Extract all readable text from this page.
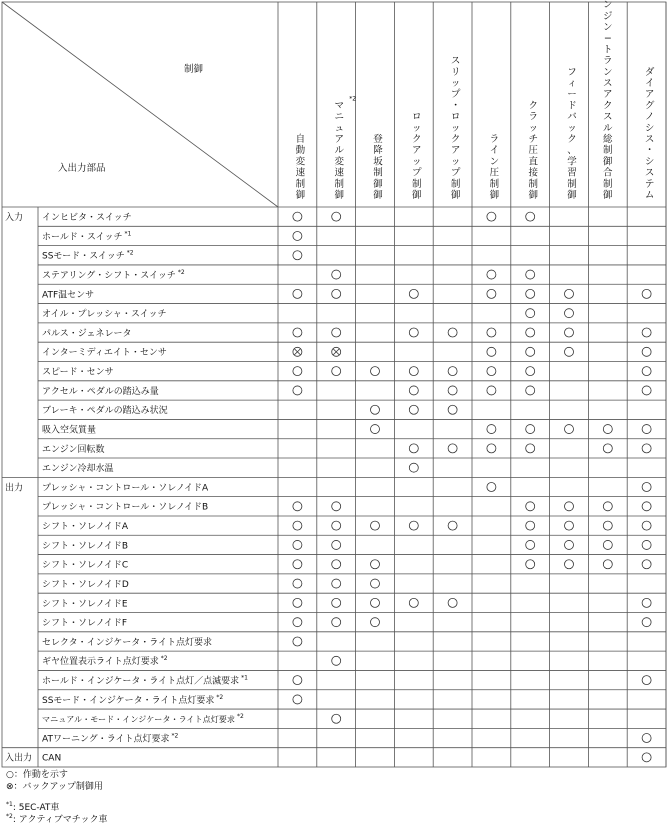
制御
入出力部品
インヒビタ・スイッチ
ホールド・スイッチ $^{*1}$
SSモード・スイッチ $^{*2}$
ステアリング・シフト・スイッチ $^{*2}$
ATF温センサ
オイル・プレッシャ・スイッチ
パルス・ジェネレータ
インターミディエイト・センサ
スピード・センサ
アクセル・ペダルの踏込み量
ブレーキ・ペダルの踏込み状況
吸入空気質量
エンジン回転数
エンジン冷却水温
プレッシャ・コントロール・ソレノイドA
プレッシャ・コントロール・ソレノイドB
シフト・ソレノイドA
シフト・ソレノイドB
シフト・ソレノイドC
シフト・ソレノイドD
シフト・ソレノイドE
シフト・ソレノイドF
セレクタ・インジケータ・ライト点灯要求
ギヤ位置表示ライト点灯要求 $^{*2}$
ホールド・インジケータ・ライト点灯／点滅要求 $^{*1}$
SSモード・インジケータ・ライト点灯要求 $^{*2}$
マニュアル・モード・インジケータ・ライト点灯要求 $^{*2}$
ATワーニング・ライト点灯要求 $^{*2}$
CAN
入力
出力
入出力
自
動
変
速
制
御
マ
ニ
ュ
ア
ル
変
速
制
御
*2
登
降
坂
制
御
御
ロ
ッ
ク
ア
ッ
プ
制
御
ス
リ
ッ
プ
・
ロ
ッ
ク
ア
ッ
プ
制
御
ラ
イ
ン
圧
制
御
ク
ラ
ッ
チ
圧
直
接
制
御
フ
ィ
ー
ド
バ
ッ
ク
、
学
習
制
御
ン
ジ
ン
−
ト
ラ
ン
ス
ア
ク
ス
ル
総
制
御
合
制
御
ダ
イ
ア
グ
ノ
シ
ス
・
シ
ス
テ
ム
○：作動を示す
⊗：バックアップ制御用
$^{*1}$: 5EC-AT車
$^{*2}$: アクティブマチック車
